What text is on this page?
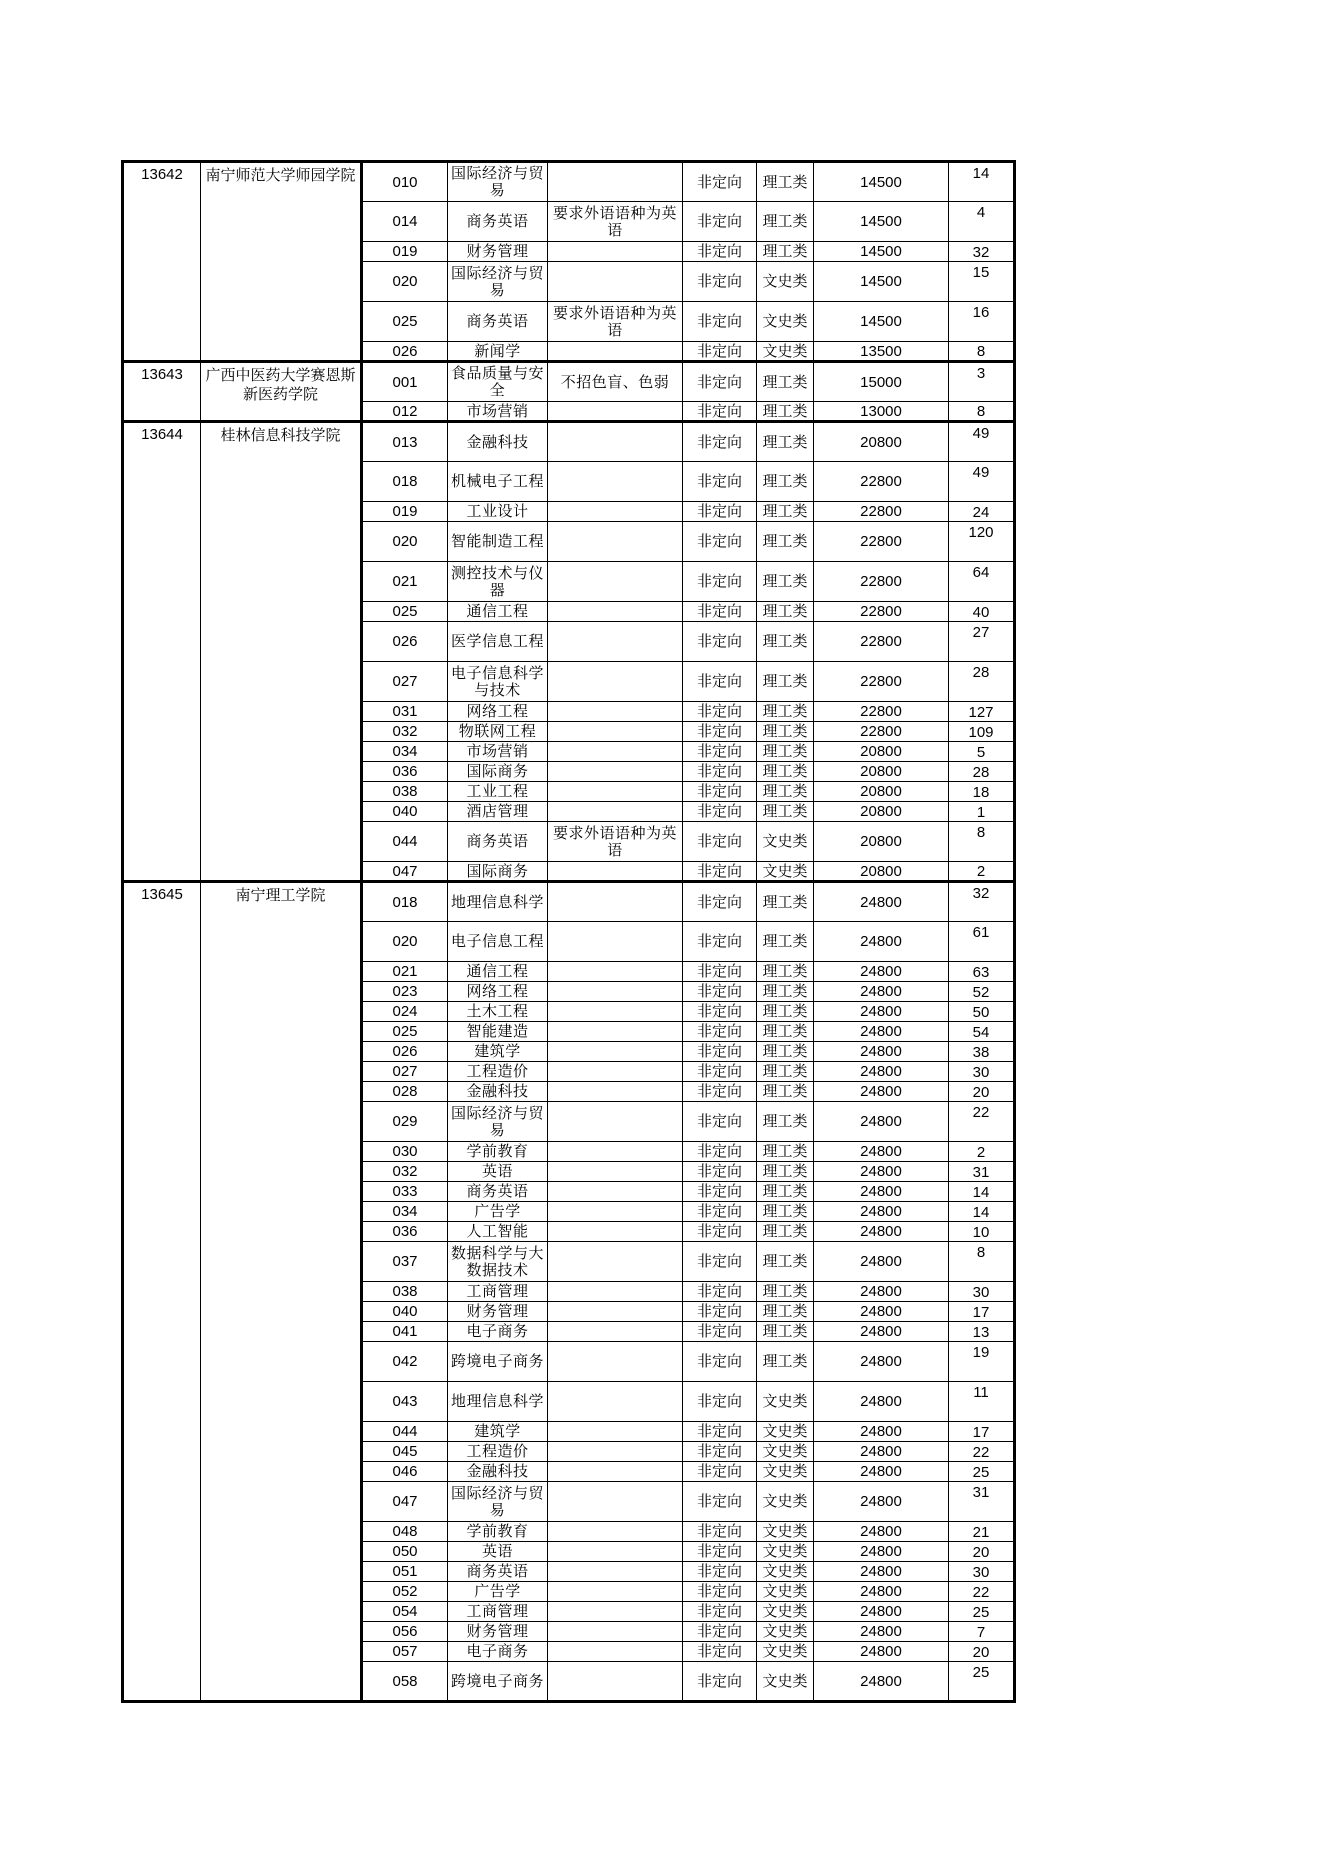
13642	南宁师范大学师园学院	010	国际经济与贸易		非定向	理工类	14500	14
		014	商务英语	要求外语语种为英语	非定向	理工类	14500	4
		019	财务管理		非定向	理工类	14500	32
		020	国际经济与贸易		非定向	文史类	14500	15
		025	商务英语	要求外语语种为英语	非定向	文史类	14500	16
		026	新闻学		非定向	文史类	13500	8
13643	广西中医药大学赛恩斯新医药学院	001	食品质量与安全	不招色盲、色弱	非定向	理工类	15000	3
		012	市场营销		非定向	理工类	13000	8
13644	桂林信息科技学院	013	金融科技		非定向	理工类	20800	49
		018	机械电子工程		非定向	理工类	22800	49
		019	工业设计		非定向	理工类	22800	24
		020	智能制造工程		非定向	理工类	22800	120
		021	测控技术与仪器		非定向	理工类	22800	64
		025	通信工程		非定向	理工类	22800	40
		026	医学信息工程		非定向	理工类	22800	27
		027	电子信息科学与技术		非定向	理工类	22800	28
		031	网络工程		非定向	理工类	22800	127
		032	物联网工程		非定向	理工类	22800	109
		034	市场营销		非定向	理工类	20800	5
		036	国际商务		非定向	理工类	20800	28
		038	工业工程		非定向	理工类	20800	18
		040	酒店管理		非定向	理工类	20800	1
		044	商务英语	要求外语语种为英语	非定向	文史类	20800	8
		047	国际商务		非定向	文史类	20800	2
13645	南宁理工学院	018	地理信息科学		非定向	理工类	24800	32
		020	电子信息工程		非定向	理工类	24800	61
		021	通信工程		非定向	理工类	24800	63
		023	网络工程		非定向	理工类	24800	52
		024	土木工程		非定向	理工类	24800	50
		025	智能建造		非定向	理工类	24800	54
		026	建筑学		非定向	理工类	24800	38
		027	工程造价		非定向	理工类	24800	30
		028	金融科技		非定向	理工类	24800	20
		029	国际经济与贸易		非定向	理工类	24800	22
		030	学前教育		非定向	理工类	24800	2
		032	英语		非定向	理工类	24800	31
		033	商务英语		非定向	理工类	24800	14
		034	广告学		非定向	理工类	24800	14
		036	人工智能		非定向	理工类	24800	10
		037	数据科学与大数据技术		非定向	理工类	24800	8
		038	工商管理		非定向	理工类	24800	30
		040	财务管理		非定向	理工类	24800	17
		041	电子商务		非定向	理工类	24800	13
		042	跨境电子商务		非定向	理工类	24800	19
		043	地理信息科学		非定向	文史类	24800	11
		044	建筑学		非定向	文史类	24800	17
		045	工程造价		非定向	文史类	24800	22
		046	金融科技		非定向	文史类	24800	25
		047	国际经济与贸易		非定向	文史类	24800	31
		048	学前教育		非定向	文史类	24800	21
		050	英语		非定向	文史类	24800	20
		051	商务英语		非定向	文史类	24800	30
		052	广告学		非定向	文史类	24800	22
		054	工商管理		非定向	文史类	24800	25
		056	财务管理		非定向	文史类	24800	7
		057	电子商务		非定向	文史类	24800	20
		058	跨境电子商务		非定向	文史类	24800	25
